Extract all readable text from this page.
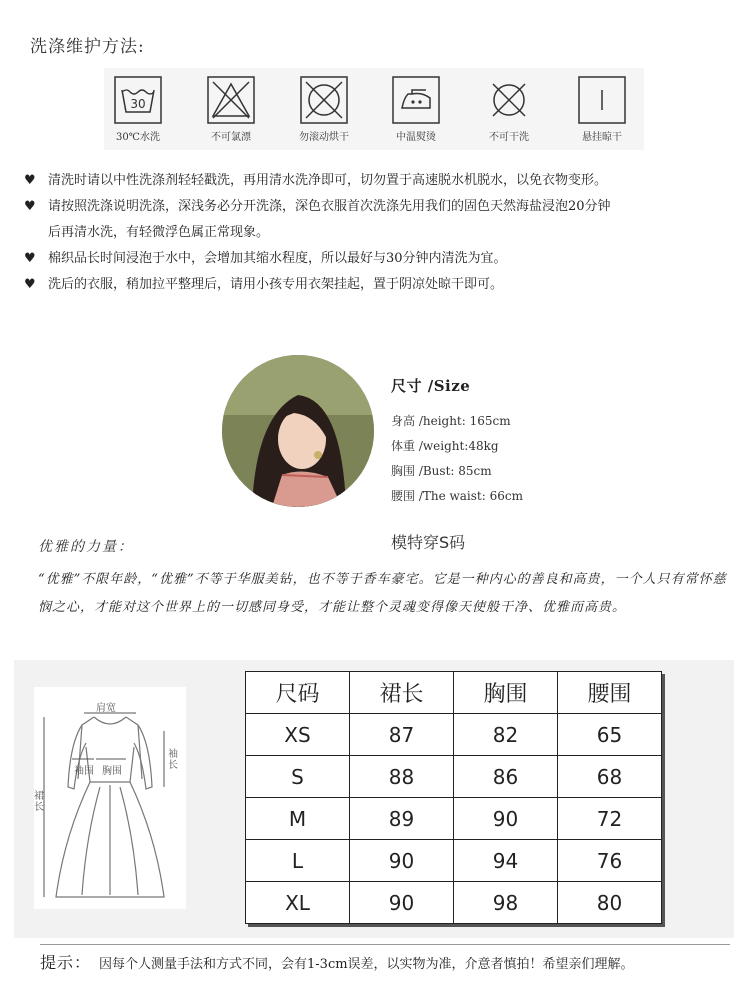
洗涤维护方法:
30
30℃水洗	不可氯漂	勿滚动烘干	中温熨烫	不可干洗	悬挂晾干
♥ 清洗时请以中性洗涤剂轻轻戳洗，再用清水洗净即可，切勿置于高速脱水机脱水，以免衣物变形。
♥ 请按照洗涤说明洗涤，深浅务必分开洗涤，深色衣服首次洗涤先用我们的固色天然海盐浸泡20分钟
后再清水洗，有轻微浮色属正常现象。
♥ 棉织品长时间浸泡于水中，会增加其缩水程度，所以最好与30分钟内清洗为宜。
♥ 洗后的衣服，稍加拉平整理后，请用小孩专用衣架挂起，置于阴凉处晾干即可。
尺寸 /Size
身高 /height: 165cm
体重 /weight:48kg
胸围 /Bust: 85cm
腰围 /The waist: 66cm
模特穿S码
优雅的力量：
“优雅”不限年龄，“优雅”不等于华服美钻，也不等于香车豪宅。它是一种内心的善良和高贵，一个人只有常怀慈悯之心，才能对这个世界上的一切感同身受，才能让整个灵魂变得像天使般干净、优雅而高贵。
肩宽
袖围 胸围
袖长
裙长
尺码	裙长	胸围	腰围
XS	87	82	65
S	88	86	68
M	89	90	72
L	90	94	76
XL	90	98	80
提示： 因每个人测量手法和方式不同，会有1-3cm误差，以实物为准，介意者慎拍！希望亲们理解。
